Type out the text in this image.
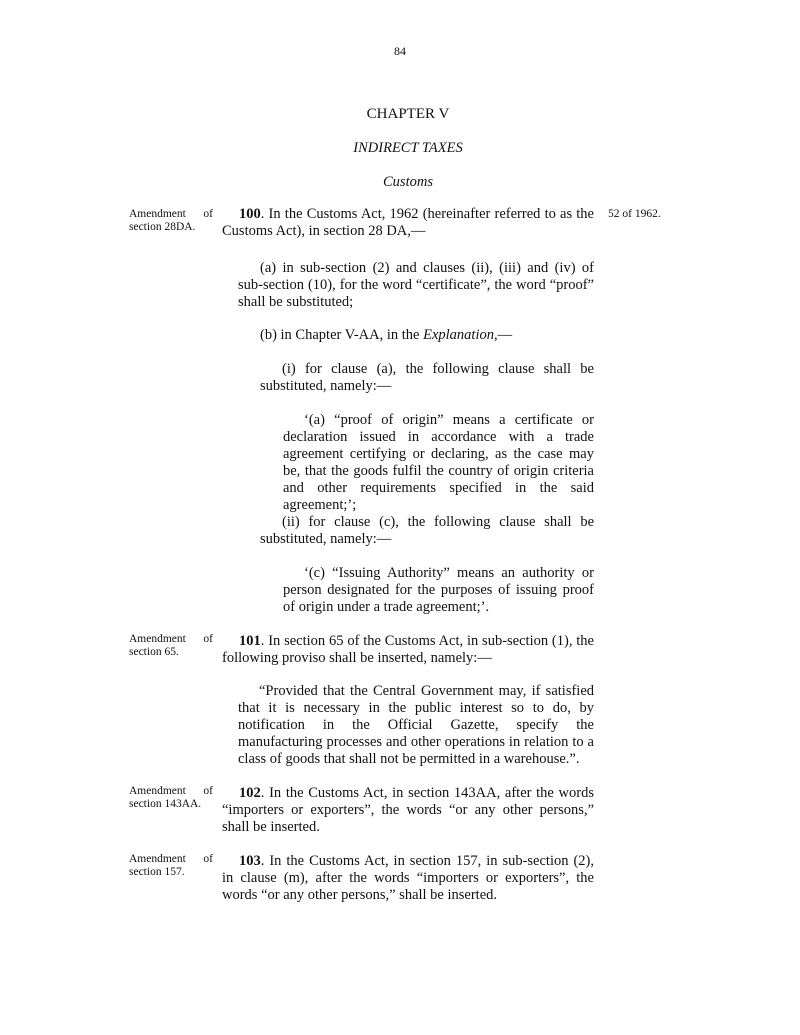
84
CHAPTER V
INDIRECT TAXES
Customs
Amendment of section 28DA.
52 of 1962.

100. In the Customs Act, 1962 (hereinafter referred to as the Customs Act), in section 28 DA,—

(a) in sub-section (2) and clauses (ii), (iii) and (iv) of sub-section (10), for the word “certificate”, the word “proof” shall be substituted;

(b) in Chapter V-AA, in the Explanation,—

(i) for clause (a), the following clause shall be substituted, namely:—

‘(a) “proof of origin” means a certificate or declaration issued in accordance with a trade agreement certifying or declaring, as the case may be, that the goods fulfil the country of origin criteria and other requirements specified in the said agreement;’;

(ii) for clause (c), the following clause shall be substituted, namely:—

‘(c) “Issuing Authority” means an authority or person designated for the purposes of issuing proof of origin under a trade agreement;’.

Amendment of section 65.

101. In section 65 of the Customs Act, in sub-section (1), the following proviso shall be inserted, namely:—

“Provided that the Central Government may, if satisfied that it is necessary in the public interest so to do, by notification in the Official Gazette, specify the manufacturing processes and other operations in relation to a class of goods that shall not be permitted in a warehouse.”.

Amendment of section 143AA.

102. In the Customs Act, in section 143AA, after the words “importers or exporters”, the words “or any other persons,” shall be inserted.

Amendment of section 157.

103. In the Customs Act, in section 157, in sub-section (2), in clause (m), after the words “importers or exporters”, the words “or any other persons,” shall be inserted.
